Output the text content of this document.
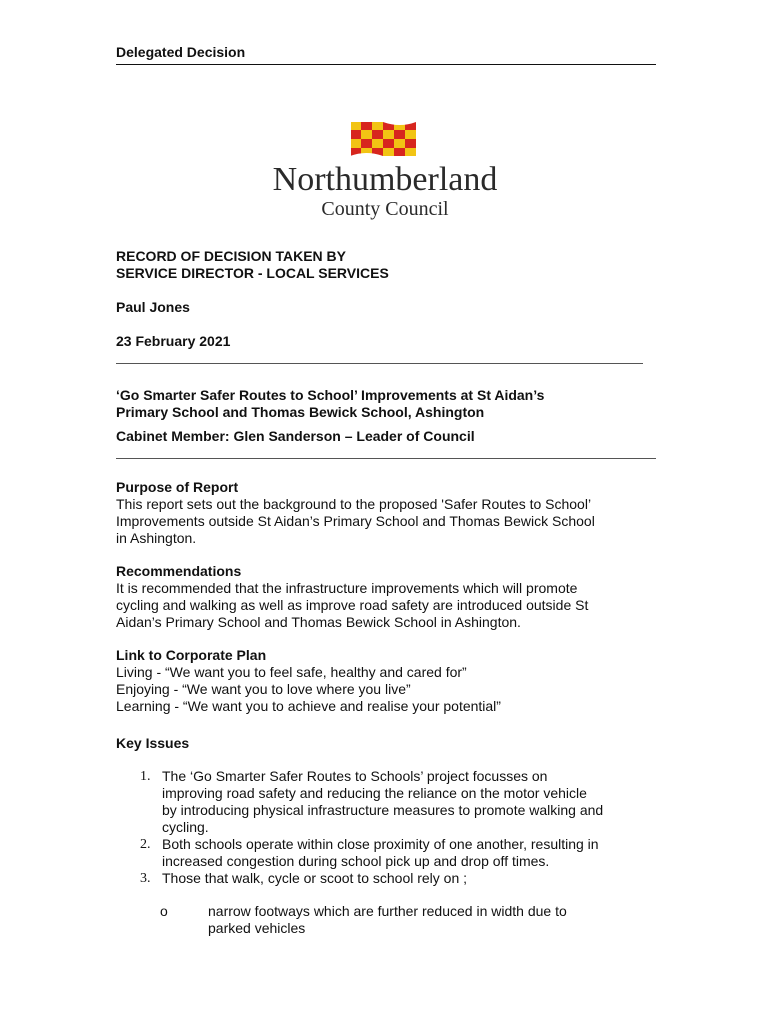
Delegated Decision
Northumberland
County Council
RECORD OF DECISION TAKEN BY
SERVICE DIRECTOR - LOCAL SERVICES
Paul Jones
23 February 2021
‘Go Smarter Safer Routes to School’ Improvements at St Aidan’s
Primary School and Thomas Bewick School, Ashington
Cabinet Member: Glen Sanderson – Leader of Council
Purpose of Report
This report sets out the background to the proposed 'Safer Routes to School’
Improvements outside St Aidan’s Primary School and Thomas Bewick School
in Ashington.
Recommendations
It is recommended that the infrastructure improvements which will promote
cycling and walking as well as improve road safety are introduced outside St
Aidan’s Primary School and Thomas Bewick School in Ashington.
Link to Corporate Plan
Living - “We want you to feel safe, healthy and cared for”
Enjoying - “We want you to love where you live”
Learning - “We want you to achieve and realise your potential”
Key Issues
1. The ‘Go Smarter Safer Routes to Schools’ project focusses on
improving road safety and reducing the reliance on the motor vehicle
by introducing physical infrastructure measures to promote walking and
cycling.
2. Both schools operate within close proximity of one another, resulting in
increased congestion during school pick up and drop off times.
3. Those that walk, cycle or scoot to school rely on ;
o	narrow footways which are further reduced in width due to
parked vehicles
